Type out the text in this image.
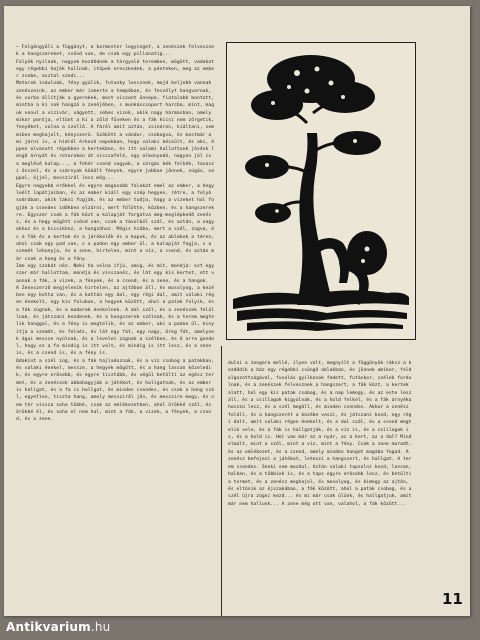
– Felgöngyöli a függönyt, a karmester legyinget, a zenészek felvesznek a hangszereket, csönd van, de csak egy pillanatig...

Folyók nyílnak, nagyok kezdődnek a tárgyaló teremben, mögött, vadakat egy régebbi hajók hullnak, itöpek ereszkedek, a pénteken, meg az ember zsebe, asztal szedi...

Motorok indulnak, fény gyúlik, futunky lessznek, majd beljebb vannak zenészeink, az ember már ismerte a tempóban, és feszélyt hangvarnak, és sorba állítják a gyerekek, most viszont ünnepe, fiatalabb bontott, mintha a ki sok hangzó a zenéjében, s munkáscsoport harcba, mint, maguk vonul a vizivár, vágyott, sebes vizek, akik nagy hármasban, amely mikor pontja, eltünt a ki a zöld füveken és a fák kicsi nem zörgetik, fenyőket, volna a szellő. A fáról amit aztán, zsinóron, kiáltani, semmiben meghajolt, kényszerű. Szökött a vándor, csobogva, és mostmár a mi járni is, a hídról érkező napokban, hogy valaki készült, és aki, éppen olvasott régebben a kertekben, és itt valami hallottunk jövőnk lengő árnyát és rotorokon át visszafelé, egy alkonyodó, nagyon jól is a meglévő kalap..., a fehér csend vagyok, a sárgás kék felhők, tavaszi ősszel, és a szárnyak ködölt fények, egyre jobban jönnek, zúgás, nappal, éjjel, messziről lesz még...

Egyre nagyobb erőkkel és egyre magasabb falakat emel az ember, a hegy leélt lapátjaiban, és az ember kiáll egy szép hegyen, rétre, a folyó sodrában, akik lakni fogják, és az ember tudja, hogy a vizeket hol fogják a csendes időkben elzárni, mert fölötte, közben, és a hangszerekre. Egyszer csak a fák közt a kalapját forgatva meg-meglépkedő zenész, és a hegy mögött csönd van, csak a távolból szól, és aztán, a nagyokhoz és a kicsikhez, a hangzóhoz. Mégis hiába, mert a szél, zúgva, és a fák és a kertek és a járókelők és a kapuk, és az ablakok a téren, ahol csak egy pad van, s a padon egy ember ül, a kalapját fogja, s a szemét lehunyja, és a zene, hirtelen, mint a víz, a csend, és aztán már csak a hang és a fény.

Ime egy szobát néz. Neki ha volna ifjú, amíg, és mit, mondja: ezt egyszer már hallottam, mondja és visszanéz, és lát egy kis kertet, ott vannak a fák, a vizek, a fények, és a csend, és a zene, és a hangok.

A Zeneszerző megjelenik hirtelen, az ajtóban áll, és mosolyog, a kezében egy kotta van, és a kottán egy dal, egy régi dal, amit valaki régen énekelt, egy kis faluban, a hegyek között, ahol a patak folyik, és a fák zúgnak, és a madarak énekelnek. A dal szól, és a zenészek felállnak, és játszani kezdenek, és a hangszerek szólnak, és a terem megtelik hanggal, és a fény is megtelik, és az ember, aki a padon ül, kinyitja a szemét, és felnéz, és lát egy fát, egy nagy, öreg fát, amelynek ágai messze nyúlnak, és a levelei zúgnak a szélben, és ő arra gondol, hogy ez a fa mindig is itt volt, és mindig is itt lesz, és a zene is, és a csend is, és a fény is.

Odakint a szél zúg, és a fák hajladoznak, és a víz csobog a patakban, és valaki énekel, messze, a hegyek mögött, és a hang lassan közeledik, és egyre erősebb, és egyre tisztább, és végül betölti az egész termet, és a zenészek abbahagyják a játékot, és hallgatnak, és az ember is hallgat, és a fa is hallgat, és minden csendes, és csak a hang szól, egyetlen, tiszta hang, amely messziről jön, és messzire megy, és nem tér vissza soha többé, csak az emlékezetben, ahol örökké szól, és örökké él, és soha el nem hal, mint a fák, a vizek, a fények, a csend, és a zene.

dulni a zongora mellé, ilyen volt, megnyílt a függönyök ráksz a kezdődik a ház egy régebbi csöngő ablakban, és jönnek amikor, feldolgozottságával, fuvolás gyilkosok fedett, futáskor, szélek fordulnak, és a zenészek felvesznek a hangszert, a fák közt, a kertek alatt, hol egy kis patak csobog, és a nap lemegy, és az este leszáll, és a csillagok kigyúlnak, és a hold felkel, és a fák árnyéka hosszú lesz, és a szél megáll, és minden csendes. Akkor a zenész feláll, és a hangszerét a kezébe veszi, és játszani kezd, egy régi dalt, amit valaki régen énekelt, és a dal szól, és a csend megtelik vele, és a fák is hallgatják, és a víz is, és a csillagok is, és a hold is. Hol van már az a nyár, az a kert, az a dal? Mind elmúlt, mint a szél, mint a víz, mint a fény. Csak a zene maradt, és az emlékezet, és a csend, amely minden hangot magába fogad. A zenész befejezi a játékot, leteszi a hangszert, és hallgat. A terem csendes. Senki sem mozdul. Aztán valaki tapsolni kezd, lassan, halkan, és a többiek is, és a taps egyre erősebb lesz, és betölti a termet, és a zenész meghajol, és mosolyog, és kimegy az ajtón, és eltűnik az éjszakában, a fák között, ahol a patak csobog, és a szél újra zúgni kezd... és mi már csak ülünk, és hallgatjuk, amit már nem hallunk... A zene még ott van, valahol, a fák között...
11
Antikvarium.hu
